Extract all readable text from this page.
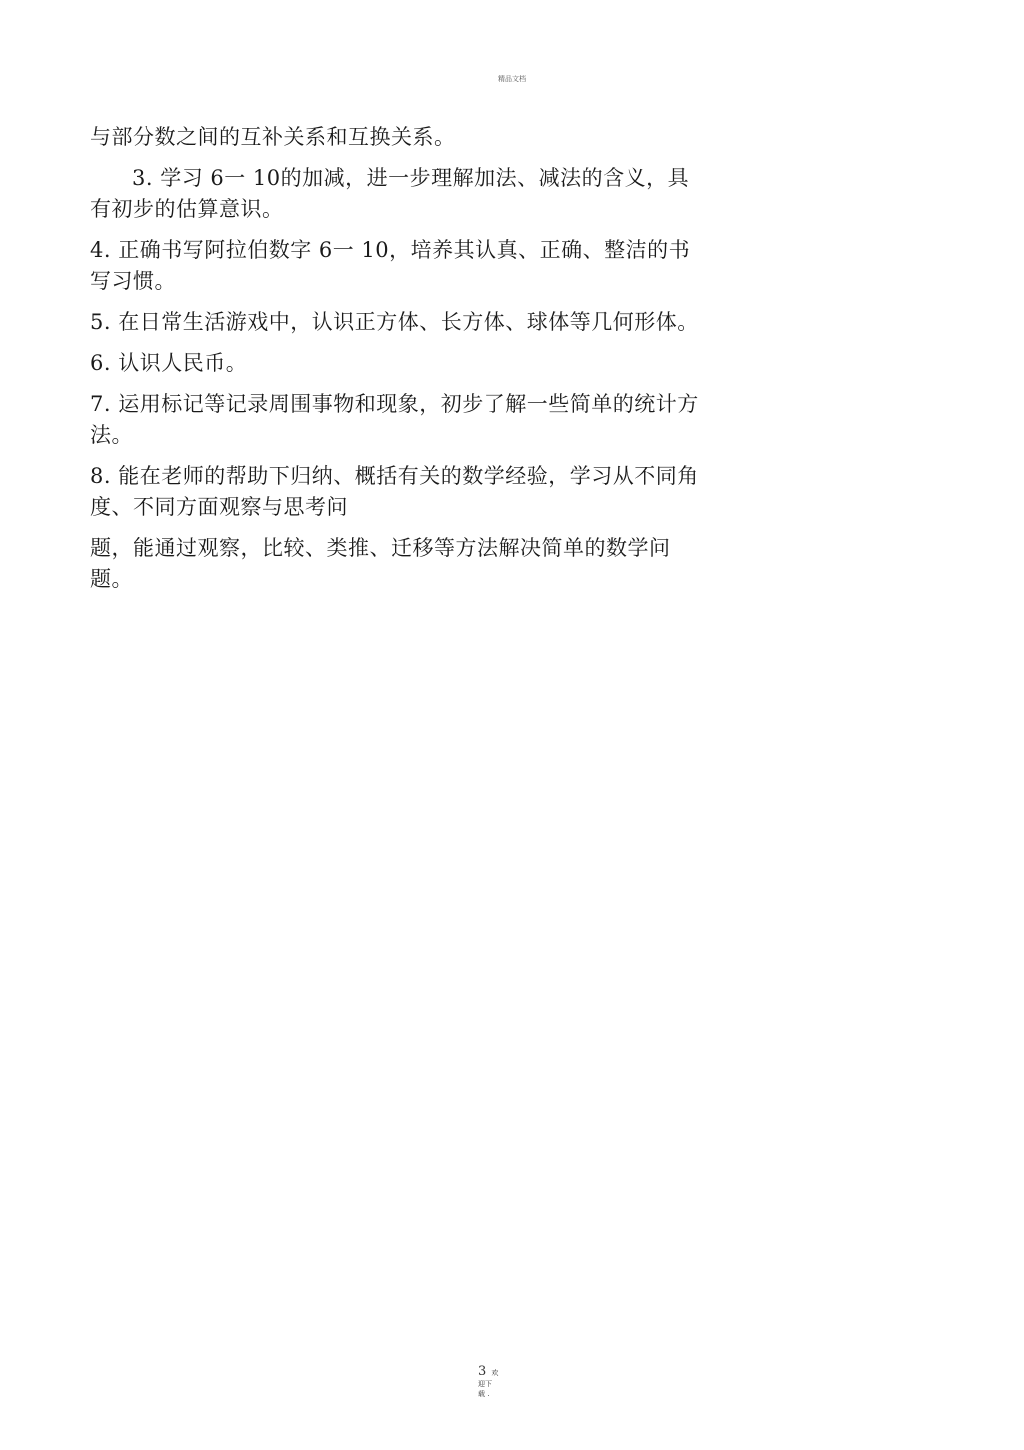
精品文档

与部分数之间的互补关系和互换关系。

3. 学习 6一 10的加减，进一步理解加法、减法的含义，具有初步的估算意识。

4. 正确书写阿拉伯数字 6一 10，培养其认真、正确、整洁的书写习惯。

5. 在日常生活游戏中，认识正方体、长方体、球体等几何形体。

6. 认识人民币。

7. 运用标记等记录周围事物和现象，初步了解一些简单的统计方法。

8. 能在老师的帮助下归纳、概括有关的数学经验，学习从不同角度、不同方面观察与思考问

题，能通过观察，比较、类推、迁移等方法解决简单的数学问题。

3 欢
迎下
载 .
